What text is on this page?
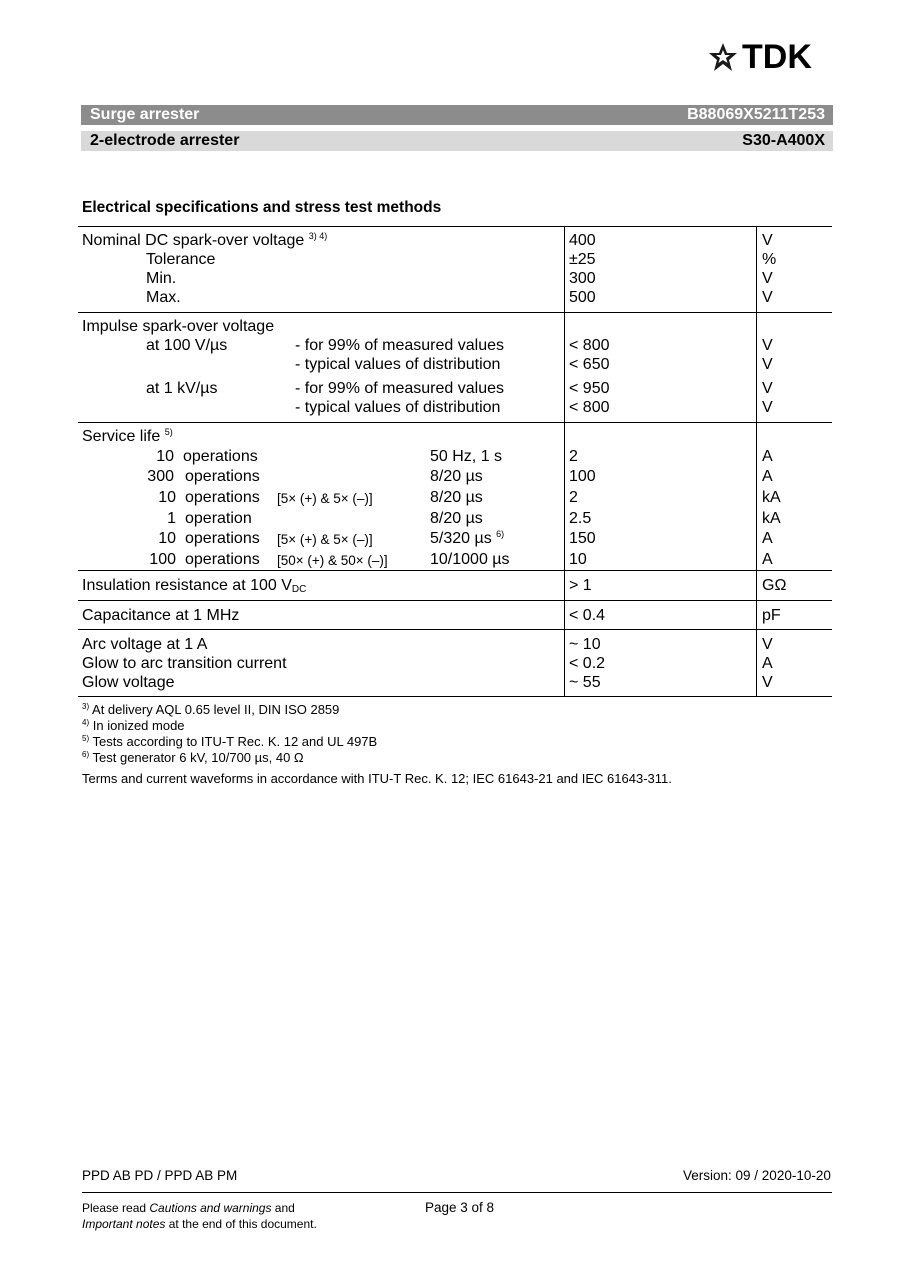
TDK
Surge arrester	B88069X5211T253
2-electrode arrester	S30-A400X
Electrical specifications and stress test methods
Nominal DC spark-over voltage $^{3) 4)}$	400	V
Tolerance	±25	%
Min.	300	V
Max.	500	V
Impulse spark-over voltage
at 100 V/µs	- for 99% of measured values	< 800	V
- typical values of distribution	< 650	V
at 1 kV/µs	- for 99% of measured values	< 950	V
- typical values of distribution	< 800	V
Service life $^{5)}$
10 operations	50 Hz, 1 s	2	A
300 operations	8/20 µs	100	A
10 operations [5× (+) & 5× (–)]	8/20 µs	2	kA
1 operation	8/20 µs	2.5	kA
10 operations [5× (+) & 5× (–)]	5/320 µs $^{6)}$	150	A
100 operations [50× (+) & 50× (–)]	10/1000 µs	10	A
Insulation resistance at 100 $V_{DC}$	> 1	GΩ
Capacitance at 1 MHz	< 0.4	pF
Arc voltage at 1 A	~ 10	V
Glow to arc transition current	< 0.2	A
Glow voltage	~ 55	V
$^{3)}$ At delivery AQL 0.65 level II, DIN ISO 2859
$^{4)}$ In ionized mode
$^{5)}$ Tests according to ITU-T Rec. K. 12 and UL 497B
$^{6)}$ Test generator 6 kV, 10/700 µs, 40 Ω
Terms and current waveforms in accordance with ITU-T Rec. K. 12; IEC 61643-21 and IEC 61643-311.
PPD AB PD / PPD AB PM	Version: 09 / 2020-10-20
Please read Cautions and warnings and
Important notes at the end of this document.
Page 3 of 8
